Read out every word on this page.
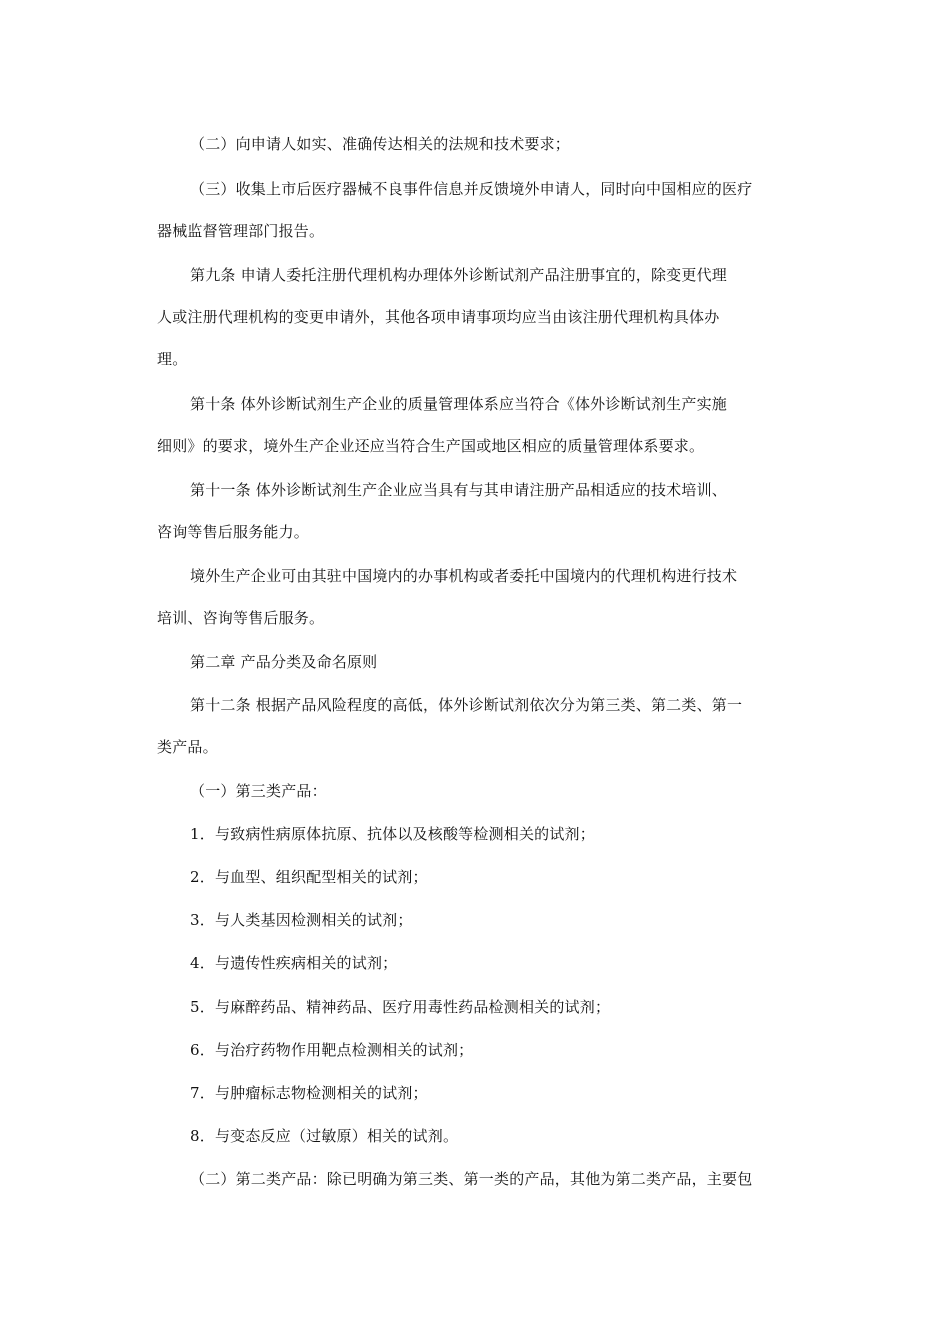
（二）向申请人如实、准确传达相关的法规和技术要求；
（三）收集上市后医疗器械不良事件信息并反馈境外申请人，同时向中国相应的医疗
器械监督管理部门报告。
第九条 申请人委托注册代理机构办理体外诊断试剂产品注册事宜的，除变更代理
人或注册代理机构的变更申请外，其他各项申请事项均应当由该注册代理机构具体办
理。
第十条 体外诊断试剂生产企业的质量管理体系应当符合《体外诊断试剂生产实施
细则》的要求，境外生产企业还应当符合生产国或地区相应的质量管理体系要求。
第十一条 体外诊断试剂生产企业应当具有与其申请注册产品相适应的技术培训、
咨询等售后服务能力。
境外生产企业可由其驻中国境内的办事机构或者委托中国境内的代理机构进行技术
培训、咨询等售后服务。
第二章 产品分类及命名原则
第十二条 根据产品风险程度的高低，体外诊断试剂依次分为第三类、第二类、第一
类产品。
（一）第三类产品：
1．与致病性病原体抗原、抗体以及核酸等检测相关的试剂；
2．与血型、组织配型相关的试剂；
3．与人类基因检测相关的试剂；
4．与遗传性疾病相关的试剂；
5．与麻醉药品、精神药品、医疗用毒性药品检测相关的试剂；
6．与治疗药物作用靶点检测相关的试剂；
7．与肿瘤标志物检测相关的试剂；
8．与变态反应（过敏原）相关的试剂。
（二）第二类产品：除已明确为第三类、第一类的产品，其他为第二类产品，主要包
